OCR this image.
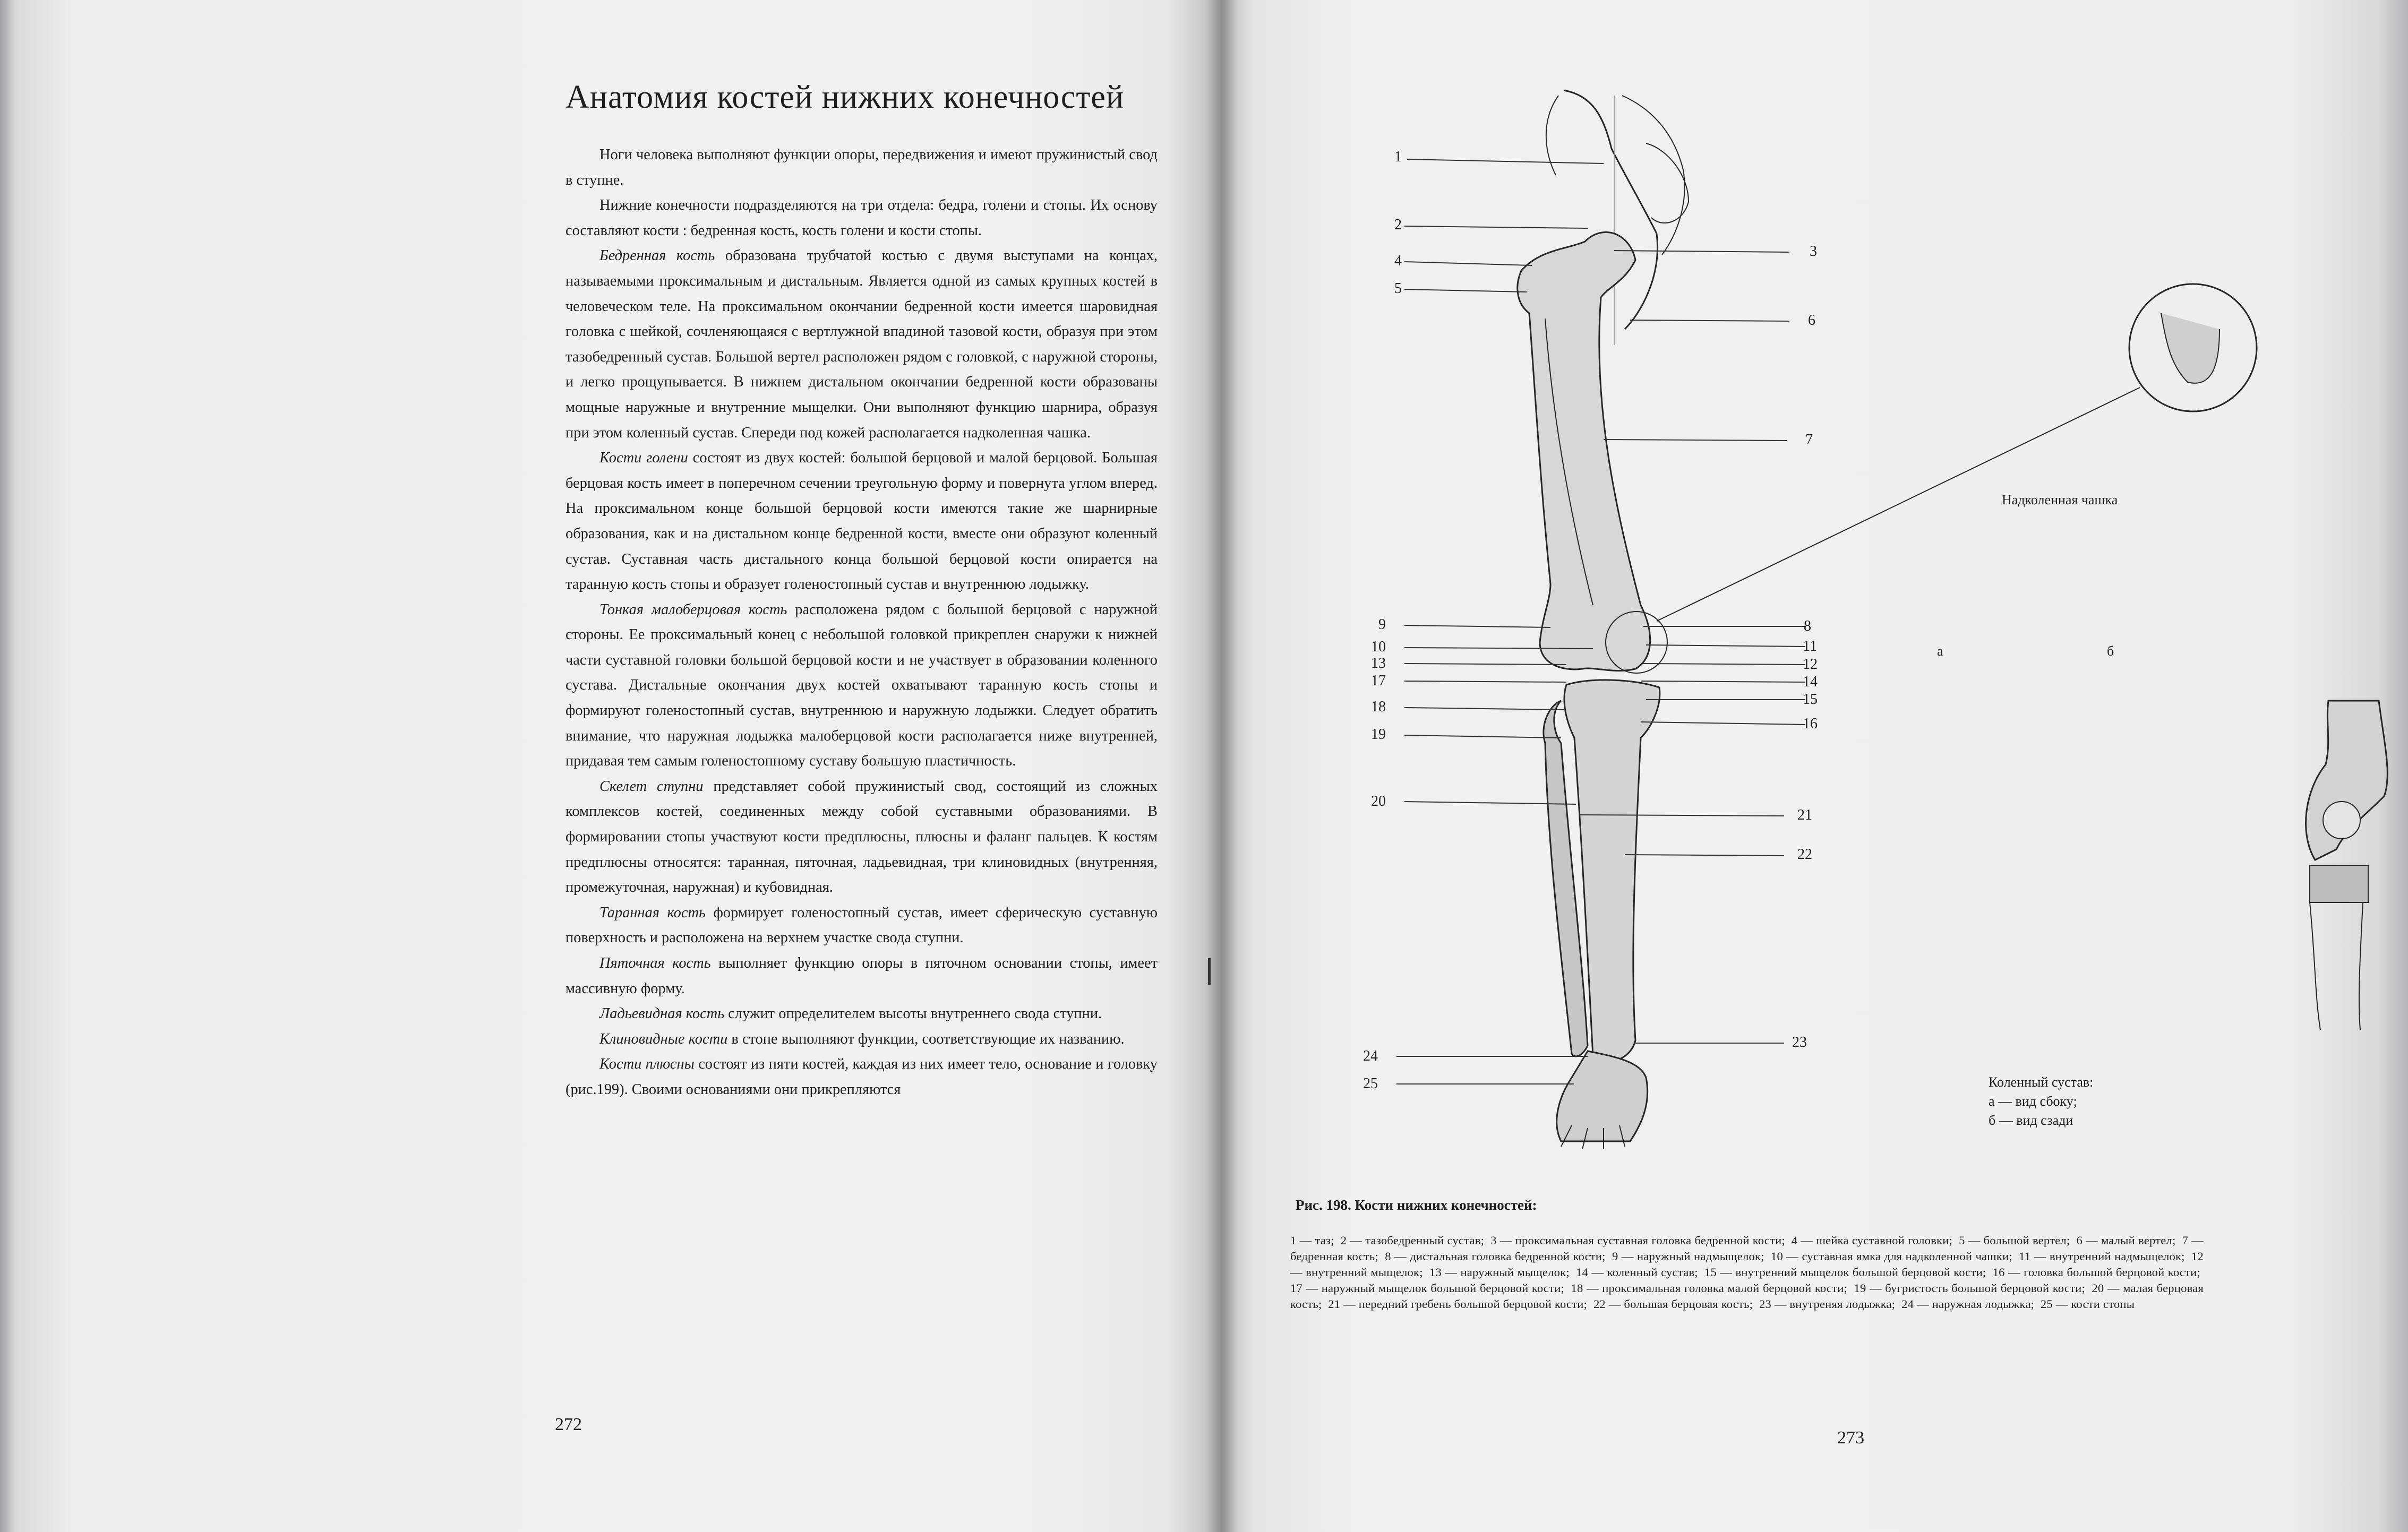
Анатомия костей нижних конечностей

Ноги человека выполняют функции опоры, передвижения и имеют пружинистый свод в ступне.

Нижние конечности подразделяются на три отдела: бедра, голени и стопы. Их основу составляют кости : бедренная кость, кость голени и кости стопы.

Бедренная кость образована трубчатой костью с двумя выступами на концах, называемыми проксимальным и дистальным. Является одной из самых крупных костей в человеческом теле. На проксимальном окончании бедренной кости имеется шаровидная головка с шейкой, сочленяющаяся с вертлужной впадиной тазовой кости, образуя при этом тазобедренный сустав. Большой вертел расположен рядом с головкой, с наружной стороны, и легко прощупывается. В нижнем дистальном окончании бедренной кости образованы мощные наружные и внутренние мыщелки. Они выполняют функцию шарнира, образуя при этом коленный сустав. Спереди под кожей располагается надколенная чашка.

Кости голени состоят из двух костей: большой берцовой и малой берцовой. Большая берцовая кость имеет в поперечном сечении треугольную форму и повернута углом вперед. На проксимальном конце большой берцовой кости имеются такие же шарнирные образования, как и на дистальном конце бедренной кости, вместе они образуют коленный сустав. Суставная часть дистального конца большой берцовой кости опирается на таранную кость стопы и образует голеностопный сустав и внутреннюю лодыжку.

Тонкая малоберцовая кость расположена рядом с большой берцовой с наружной стороны. Ее проксимальный конец с небольшой головкой прикреплен снаружи к нижней части суставной головки большой берцовой кости и не участвует в образовании коленного сустава. Дистальные окончания двух костей охватывают таранную кость стопы и формируют голеностопный сустав, внутреннюю и наружную лодыжки. Следует обратить внимание, что наружная лодыжка малоберцовой кости располагается ниже внутренней, придавая тем самым голеностопному суставу большую пластичность.

Скелет ступни представляет собой пружинистый свод, состоящий из сложных комплексов костей, соединенных между собой суставными образованиями. В формировании стопы участвуют кости предплюсны, плюсны и фаланг пальцев. К костям предплюсны относятся: таранная, пяточная, ладьевидная, три клиновидных (внутренняя, промежуточная, наружная) и кубовидная.

Таранная кость формирует голеностопный сустав, имеет сферическую суставную поверхность и расположена на верхнем участке свода ступни.

Пяточная кость выполняет функцию опоры в пяточном основании стопы, имеет массивную форму.

Ладьевидная кость служит определителем высоты внутреннего свода ступни.

Клиновидные кости в стопе выполняют функции, соответствующие их названию.

Кости плюсны состоят из пяти костей, каждая из них имеет тело, основание и головку (рис.199). Своими основаниями они прикрепляются

272
1
2
4
5
9
10
13
17
18
19
20
24
25
3
6
7
8
11
12
14
15
16
21
22
23
Надколенная чашка
а	б
Коленный сустав:
а — вид сбоку;
б — вид сзади
Рис. 198. Кости нижних конечностей:
1 — таз; 2 — тазобедренный сустав; 3 — проксимальная суставная головка бедренной кости; 4 — шейка суставной головки; 5 — большой вертел; 6 — малый вертел; 7 — бедренная кость; 8 — дистальная головка бедренной кости; 9 — наружный надмыщелок; 10 — суставная ямка для надколенной чашки; 11 — внутренний надмыщелок; 12 — внутренний мыщелок; 13 — наружный мыщелок; 14 — коленный сустав; 15 — внутренний мыщелок большой берцовой кости; 16 — головка большой берцовой кости; 17 — наружный мыщелок большой берцовой кости; 18 — проксимальная головка малой берцовой кости; 19 — бугристость большой берцовой кости; 20 — малая берцовая кость; 21 — передний гребень большой берцовой кости; 22 — большая берцовая кость; 23 — внутреняя лодыжка; 24 — наружная лодыжка; 25 — кости стопы
273
